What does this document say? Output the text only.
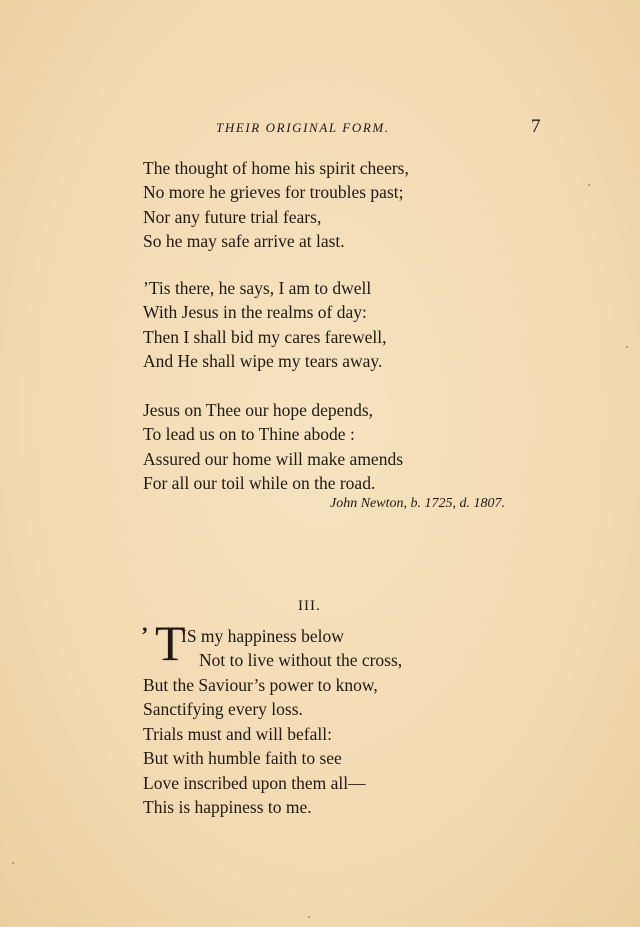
THEIR ORIGINAL FORM.	7
The thought of home his spirit cheers,
No more he grieves for troubles past;
Nor any future trial fears,
So he may safe arrive at last.
’Tis there, he says, I am to dwell
With Jesus in the realms of day:
Then I shall bid my cares farewell,
And He shall wipe my tears away.
Jesus on Thee our hope depends,
To lead us on to Thine abode :
Assured our home will make amends
For all our toil while on the road.
John Newton, b. 1725, d. 1807.
III.
’ T
IS my happiness below
Not to live without the cross,
But the Saviour’s power to know,
Sanctifying every loss.
Trials must and will befall:
But with humble faith to see
Love inscribed upon them all—
This is happiness to me.
